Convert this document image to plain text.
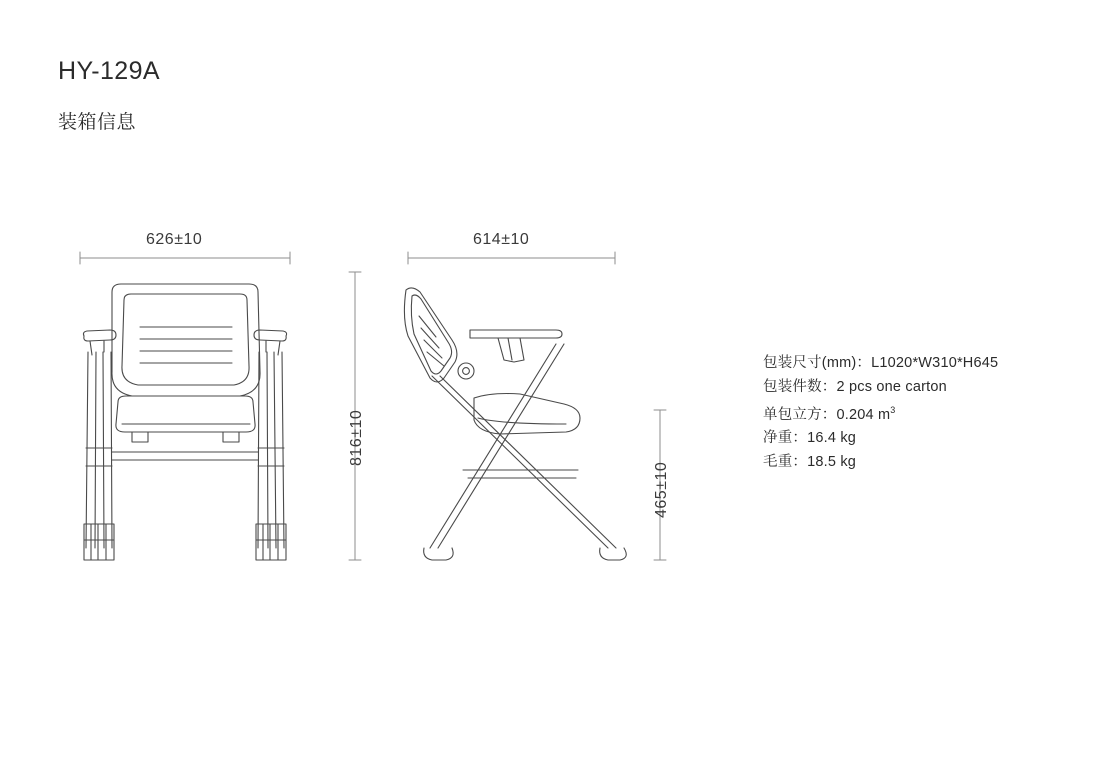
HY-129A
装箱信息
626±10
816±10
614±10
465±10
包装尺寸(mm)：L1020*W310*H645
包装件数：2 pcs one carton
单包立方：0.204 $m^3$
净重：16.4 kg
毛重：18.5 kg
